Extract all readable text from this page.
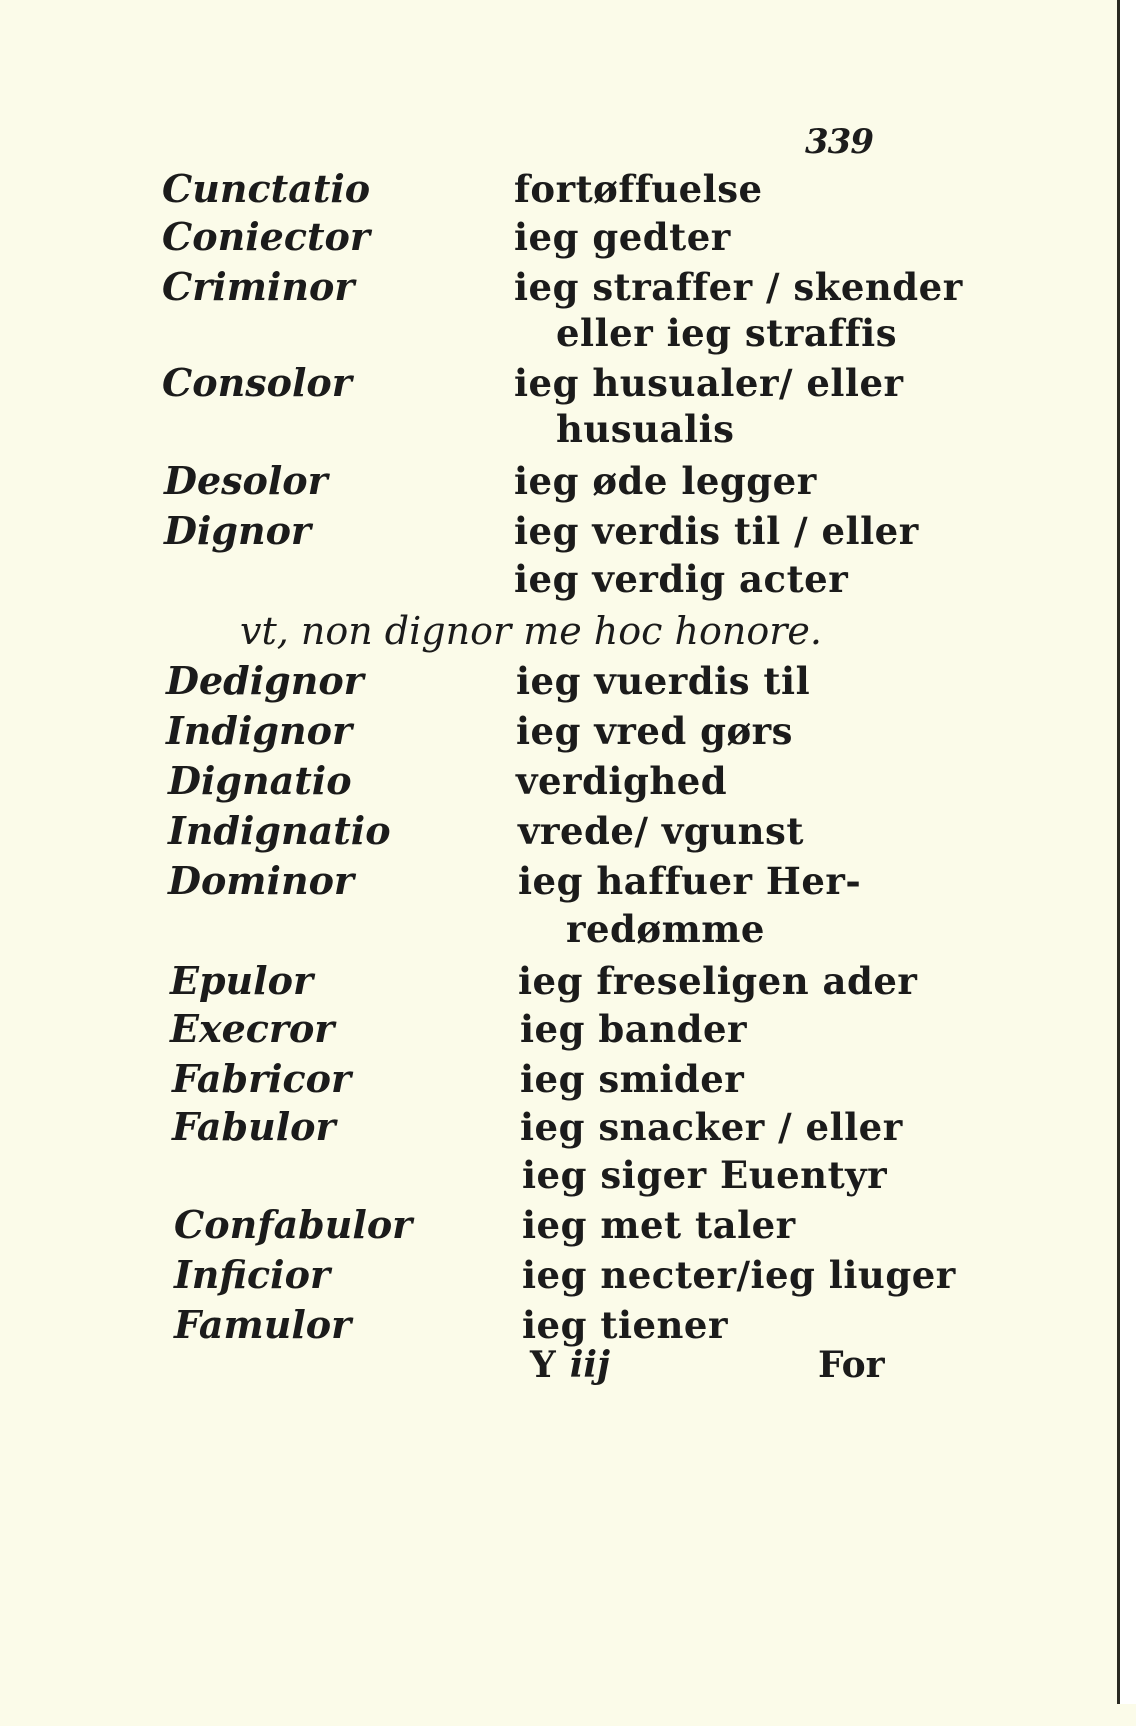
339
Cunctatio	fortøffuelse
Coniector	ieg gedter
Criminor	ieg straffer / skender
eller ieg straffis
Consolor	ieg husualer/ eller
husualis
Desolor	ieg øde legger
Dignor	ieg verdis til / eller
ieg verdig acter
vt, non dignor me hoc honore.
Dedignor	ieg vuerdis til
Indignor	ieg vred gørs
Dignatio	verdighed
Indignatio	vrede/ vgunst
Dominor	ieg haffuer Her-
redømme
Epulor	ieg freseligen ader
Execror	ieg bander
Fabricor	ieg smider
Fabulor	ieg snacker / eller
ieg siger Euentyr
Confabulor	ieg met taler
Inficior	ieg necter/ieg liuger
Famulor	ieg tiener
Y iij	For
